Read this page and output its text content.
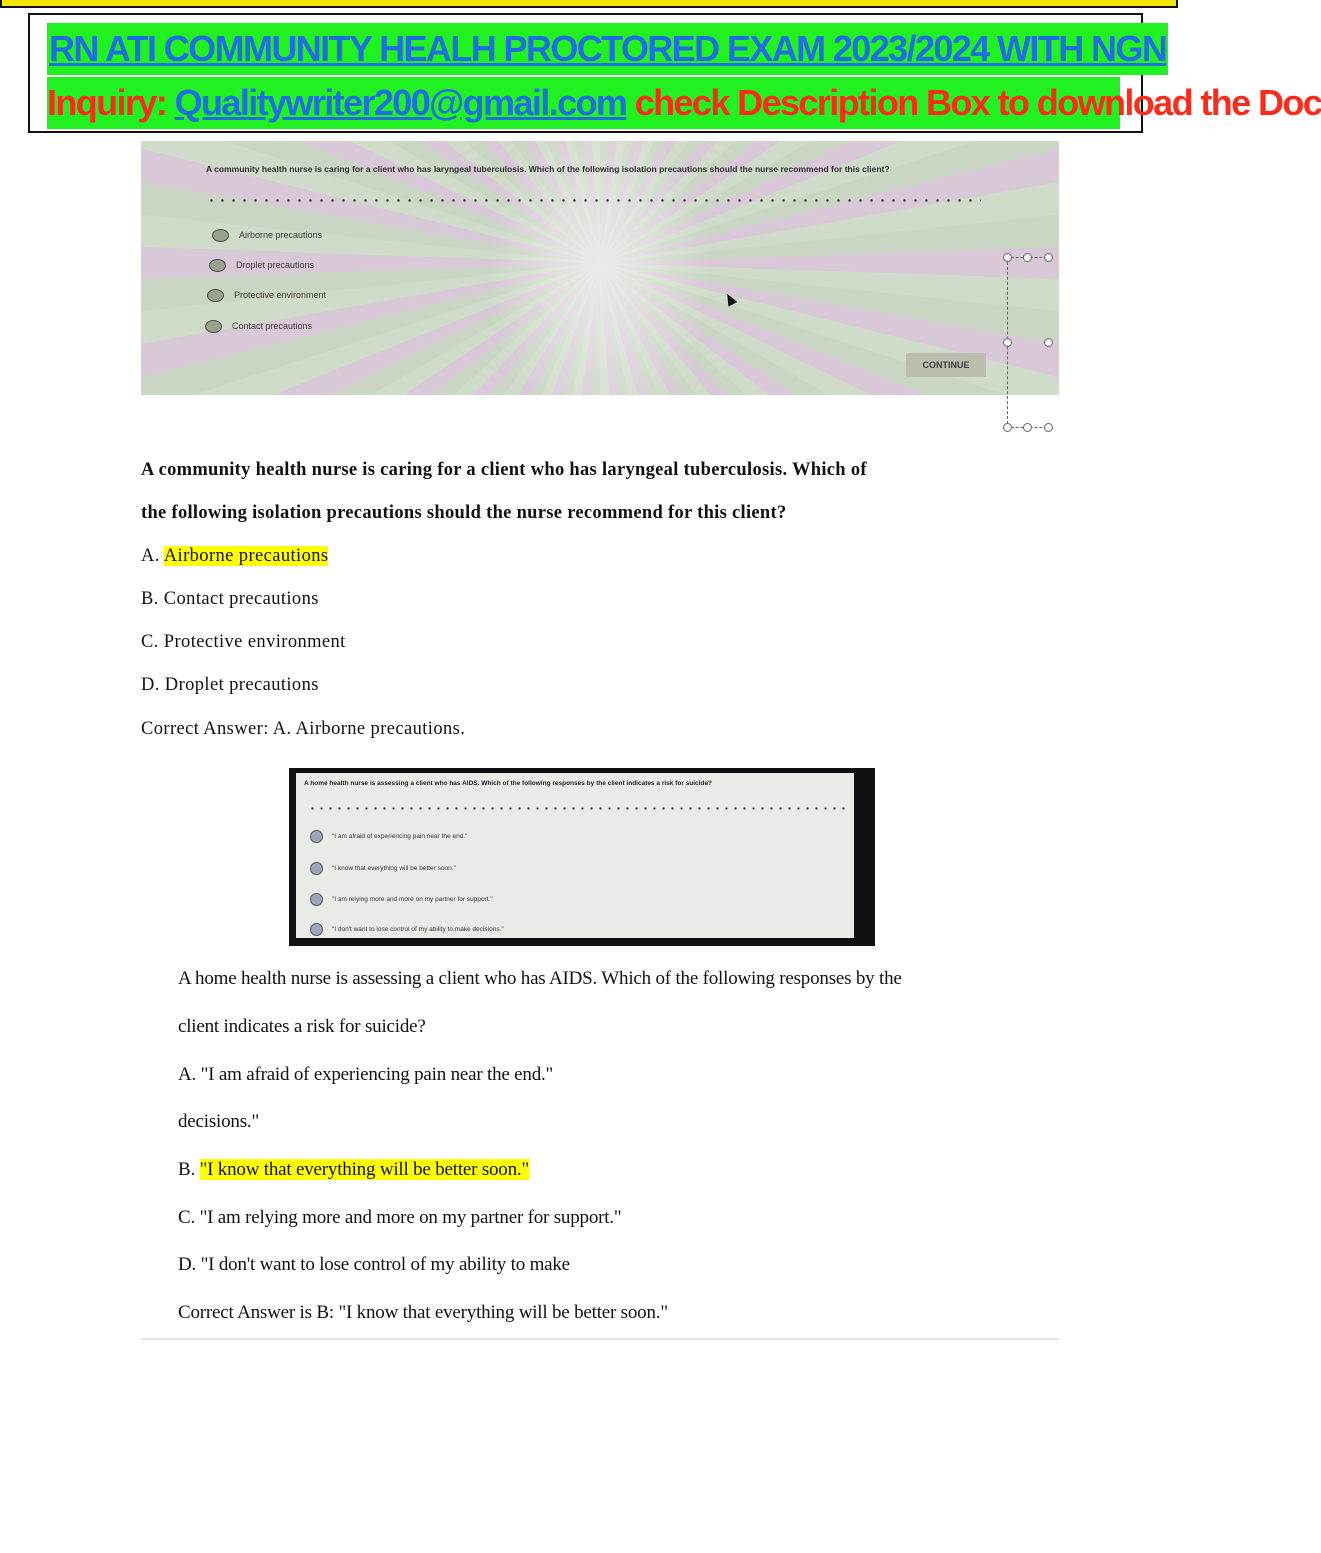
RN ATI COMMUNITY HEALH PROCTORED EXAM 2023/2024 WITH NGN
Inquiry: Qualitywriter200@gmail.com check Description Box to download the Doc
A community health nurse is caring for a client who has laryngeal tuberculosis. Which of the following isolation precautions should the nurse recommend for this client?
Airborne precautions
Droplet precautions
Protective environment
Contact precautions
CONTINUE
A community health nurse is caring for a client who has laryngeal tuberculosis. Which of
the following isolation precautions should the nurse recommend for this client?
A. Airborne precautions
B. Contact precautions
C. Protective environment
D. Droplet precautions
Correct Answer: A. Airborne precautions.
A home health nurse is assessing a client who has AIDS. Which of the following responses by the client indicates a risk for suicide?
"I am afraid of experiencing pain near the end."
"I know that everything will be better soon."
"I am relying more and more on my partner for support."
"I don't want to lose control of my ability to make decisions."
A home health nurse is assessing a client who has AIDS. Which of the following responses by the
client indicates a risk for suicide?
A. "I am afraid of experiencing pain near the end."
decisions."
B. "I know that everything will be better soon."
C. "I am relying more and more on my partner for support."
D. "I don't want to lose control of my ability to make
Correct Answer is B: "I know that everything will be better soon."
